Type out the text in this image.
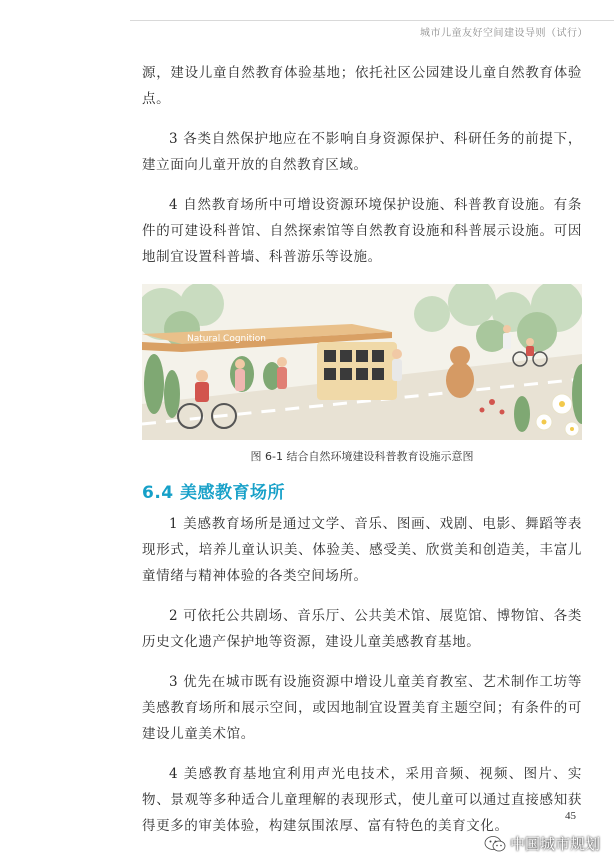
城市儿童友好空间建设导则（试行）

源，建设儿童自然教育体验基地；依托社区公园建设儿童自然教育体验点。

3 各类自然保护地应在不影响自身资源保护、科研任务的前提下，建立面向儿童开放的自然教育区域。

4 自然教育场所中可增设资源环境保护设施、科普教育设施。有条件的可建设科普馆、自然探索馆等自然教育设施和科普展示设施。可因地制宜设置科普墙、科普游乐等设施。

Natural Cognition
图 6-1 结合自然环境建设科普教育设施示意图
6.4 美感教育场所

1 美感教育场所是通过文学、音乐、图画、戏剧、电影、舞蹈等表现形式，培养儿童认识美、体验美、感受美、欣赏美和创造美，丰富儿童情绪与精神体验的各类空间场所。

2 可依托公共剧场、音乐厅、公共美术馆、展览馆、博物馆、各类历史文化遗产保护地等资源，建设儿童美感教育基地。

3 优先在城市既有设施资源中增设儿童美育教室、艺术制作工坊等美感教育场所和展示空间，或因地制宜设置美育主题空间；有条件的可建设儿童美术馆。

4 美感教育基地宜利用声光电技术，采用音频、视频、图片、实物、景观等多种适合儿童理解的表现形式，使儿童可以通过直接感知获得更多的审美体验，构建氛围浓厚、富有特色的美育文化。

45
中国城市规划
